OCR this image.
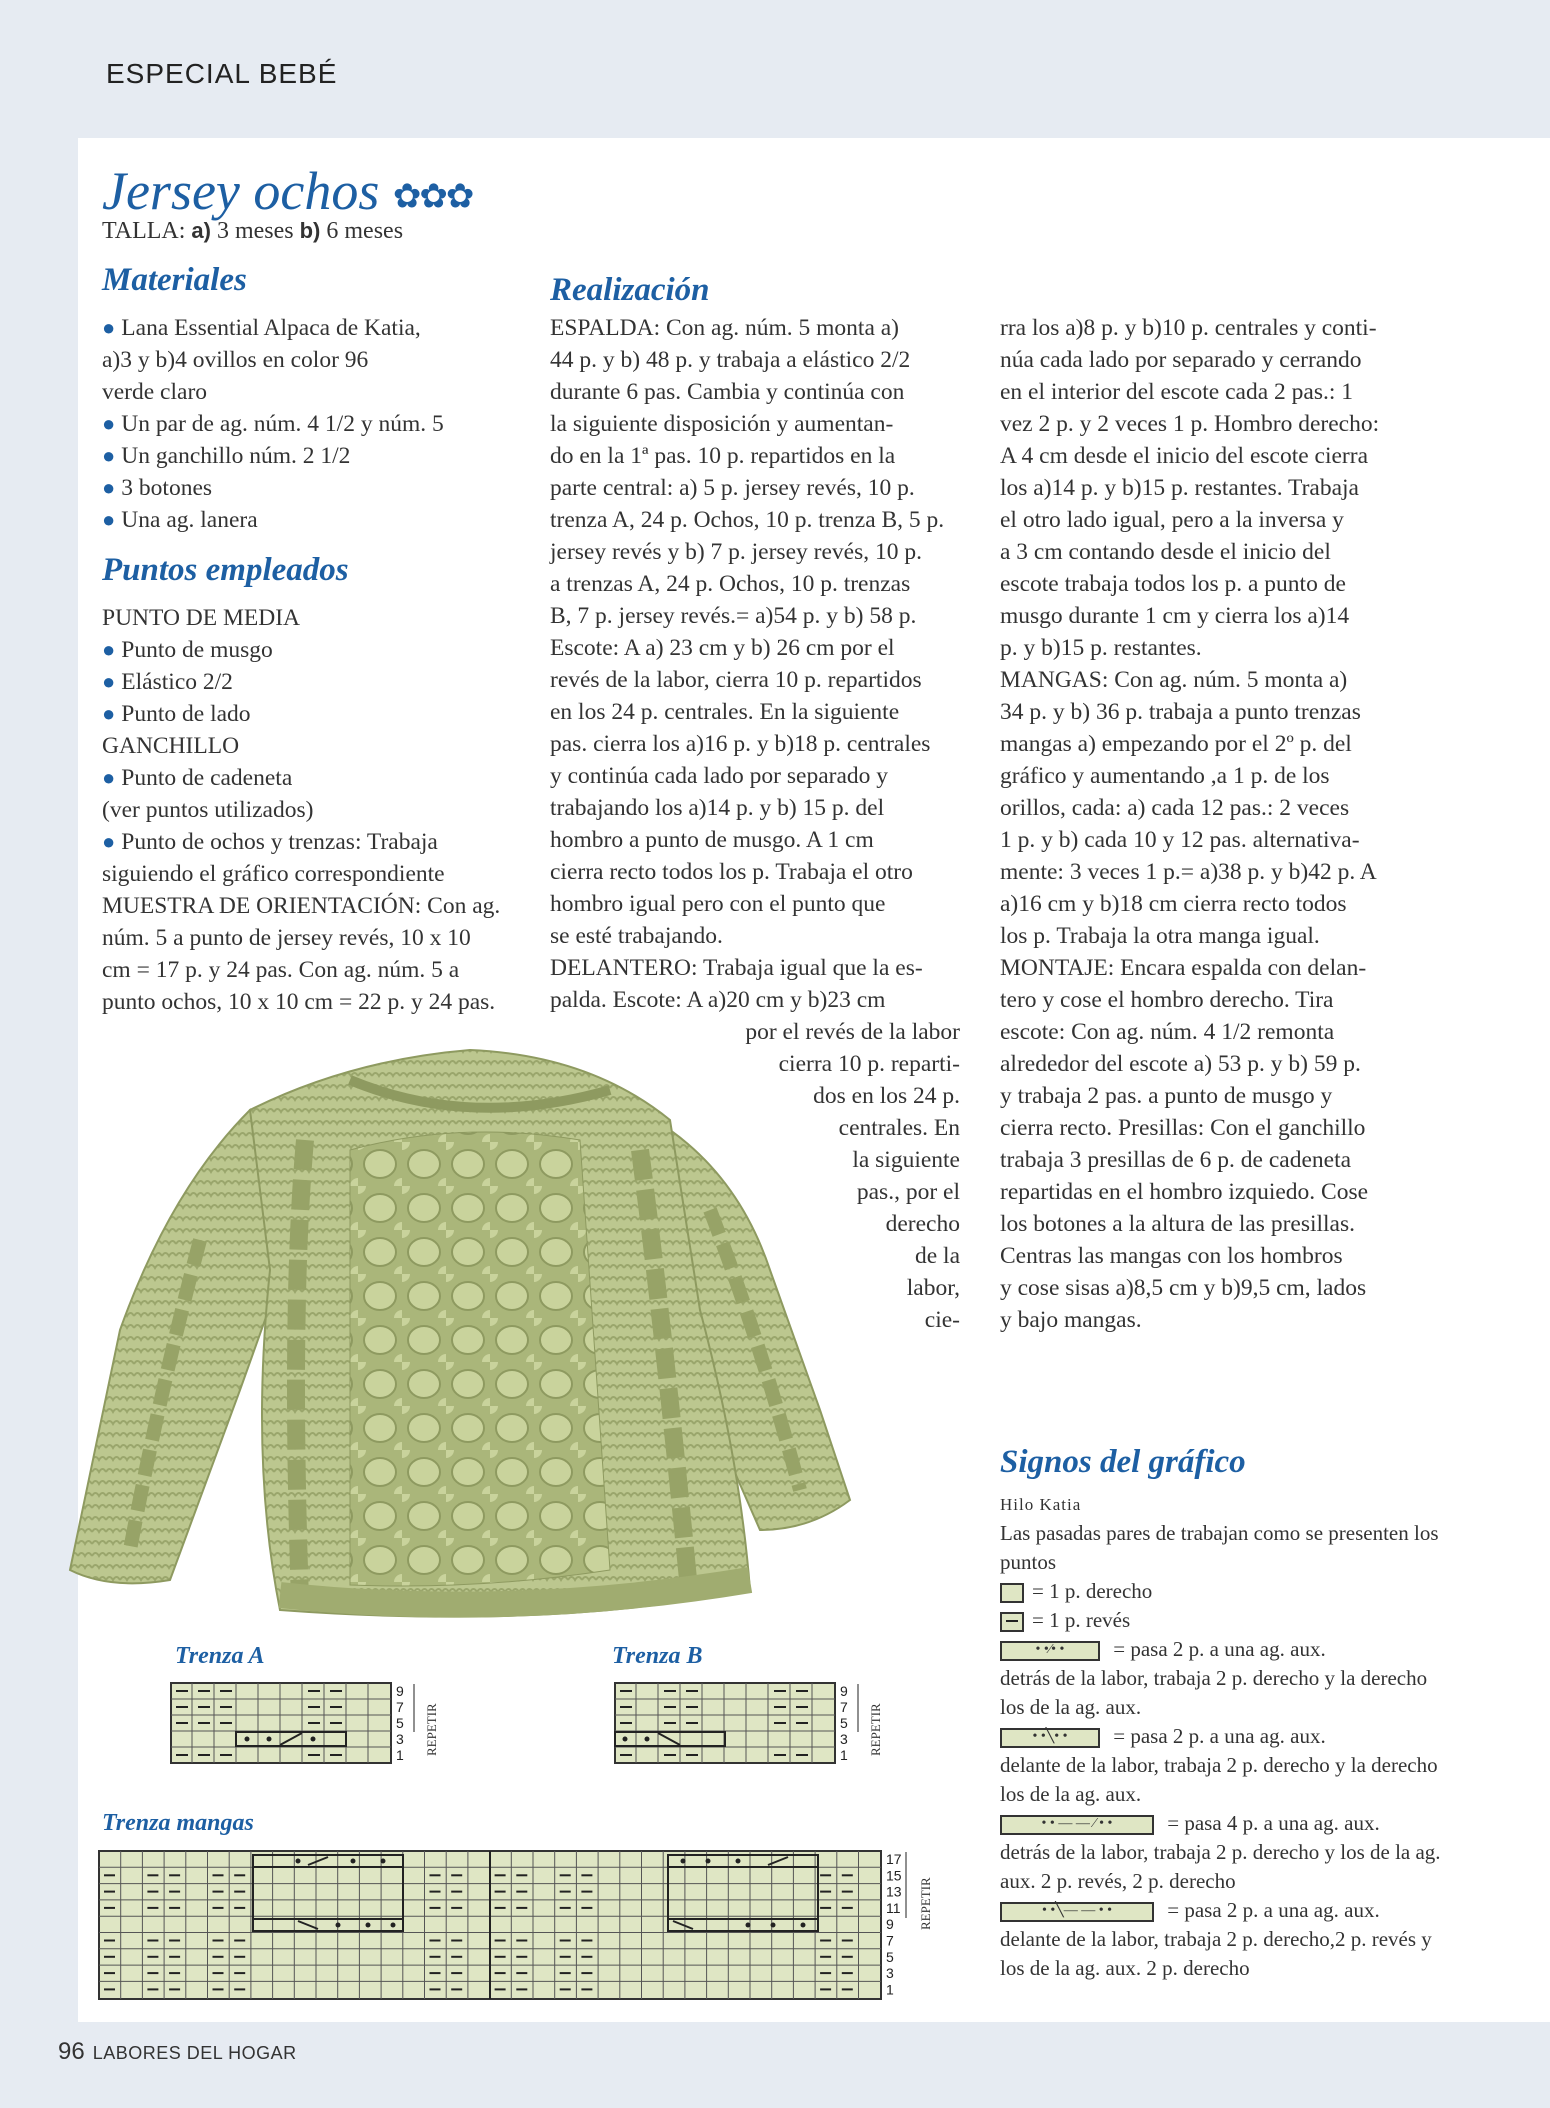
ESPECIAL BEBÉ
Jersey ochos ✿✿✿
TALLA: a) 3 meses b) 6 meses
Materiales

● Lana Essential Alpaca de Katia,

a)3 y b)4 ovillos en color 96

verde claro

● Un par de ag. núm. 4 1/2 y núm. 5

● Un ganchillo núm. 2 1/2

● 3 botones

● Una ag. lanera

Puntos empleados

PUNTO DE MEDIA

● Punto de musgo

● Elástico 2/2

● Punto de lado

GANCHILLO

● Punto de cadeneta

(ver puntos utilizados)

● Punto de ochos y trenzas: Trabaja

siguiendo el gráfico correspondiente

MUESTRA DE ORIENTACIÓN: Con ag.

núm. 5 a punto de jersey revés, 10 x 10

cm = 17 p. y 24 pas. Con ag. núm. 5 a

punto ochos, 10 x 10 cm = 22 p. y 24 pas.

Realización

ESPALDA: Con ag. núm. 5 monta a)

44 p. y b) 48 p. y trabaja a elástico 2/2

durante 6 pas. Cambia y continúa con

la siguiente disposición y aumentan-

do en la 1ª pas. 10 p. repartidos en la

parte central: a) 5 p. jersey revés, 10 p.

trenza A, 24 p. Ochos, 10 p. trenza B, 5 p.

jersey revés y b) 7 p. jersey revés, 10 p.

a trenzas A, 24 p. Ochos, 10 p. trenzas

B, 7 p. jersey revés.= a)54 p. y b) 58 p.

Escote: A a) 23 cm y b) 26 cm por el

revés de la labor, cierra 10 p. repartidos

en los 24 p. centrales. En la siguiente

pas. cierra los a)16 p. y b)18 p. centrales

y continúa cada lado por separado y

trabajando los a)14 p. y b) 15 p. del

hombro a punto de musgo. A 1 cm

cierra recto todos los p. Trabaja el otro

hombro igual pero con el punto que

se esté trabajando.

DELANTERO: Trabaja igual que la es-

palda. Escote: A a)20 cm y b)23 cm

por el revés de la labor

cierra 10 p. reparti-

dos en los 24 p.

centrales. En

la siguiente

pas., por el

derecho

de la

labor,

cie-

rra los a)8 p. y b)10 p. centrales y conti-

núa cada lado por separado y cerrando

en el interior del escote cada 2 pas.: 1

vez 2 p. y 2 veces 1 p. Hombro derecho:

A 4 cm desde el inicio del escote cierra

los a)14 p. y b)15 p. restantes. Trabaja

el otro lado igual, pero a la inversa y

a 3 cm contando desde el inicio del

escote trabaja todos los p. a punto de

musgo durante 1 cm y cierra los a)14

p. y b)15 p. restantes.

MANGAS: Con ag. núm. 5 monta a)

34 p. y b) 36 p. trabaja a punto trenzas

mangas a) empezando por el 2º p. del

gráfico y aumentando ,a 1 p. de los

orillos, cada: a) cada 12 pas.: 2 veces

1 p. y b) cada 10 y 12 pas. alternativa-

mente: 3 veces 1 p.= a)38 p. y b)42 p. A

a)16 cm y b)18 cm cierra recto todos

los p. Trabaja la otra manga igual.

MONTAJE: Encara espalda con delan-

tero y cose el hombro derecho. Tira

escote: Con ag. núm. 4 1/2 remonta

alrededor del escote a) 53 p. y b) 59 p.

y trabaja 2 pas. a punto de musgo y

cierra recto. Presillas: Con el ganchillo

trabaja 3 presillas de 6 p. de cadeneta

repartidas en el hombro izquiedo. Cose

los botones a la altura de las presillas.

Centras las mangas con los hombros

y cose sisas a)8,5 cm y b)9,5 cm, lados

y bajo mangas.

Trenza A
9
7
5
3
1 REPETIR
Trenza B
9
7
5
3
1 REPETIR
Trenza mangas
17
15
13
11
9
7
5
3
1
REPETIR
Signos del gráfico
Hilo Katia
Las pasadas pares de trabajan como se presenten los puntos
= 1 p. derecho
= 1 p. revés
• •⁄• • = pasa 2 p. a una ag. aux.
detrás de la labor, trabaja 2 p. derecho y la derecho los de la ag. aux.
• •╲• • = pasa 2 p. a una ag. aux.
delante de la labor, trabaja 2 p. derecho y la derecho los de la ag. aux.
• • — — ⁄ • •	= pasa 4 p. a una ag. aux.
detrás de la labor, trabaja 2 p. derecho y los de la ag. aux. 2 p. revés, 2 p. derecho
• •╲— — • •	= pasa 2 p. a una ag. aux.
delante de la labor, trabaja 2 p. derecho,2 p. revés y los de la ag. aux. 2 p. derecho
96 LABORES DEL HOGAR
